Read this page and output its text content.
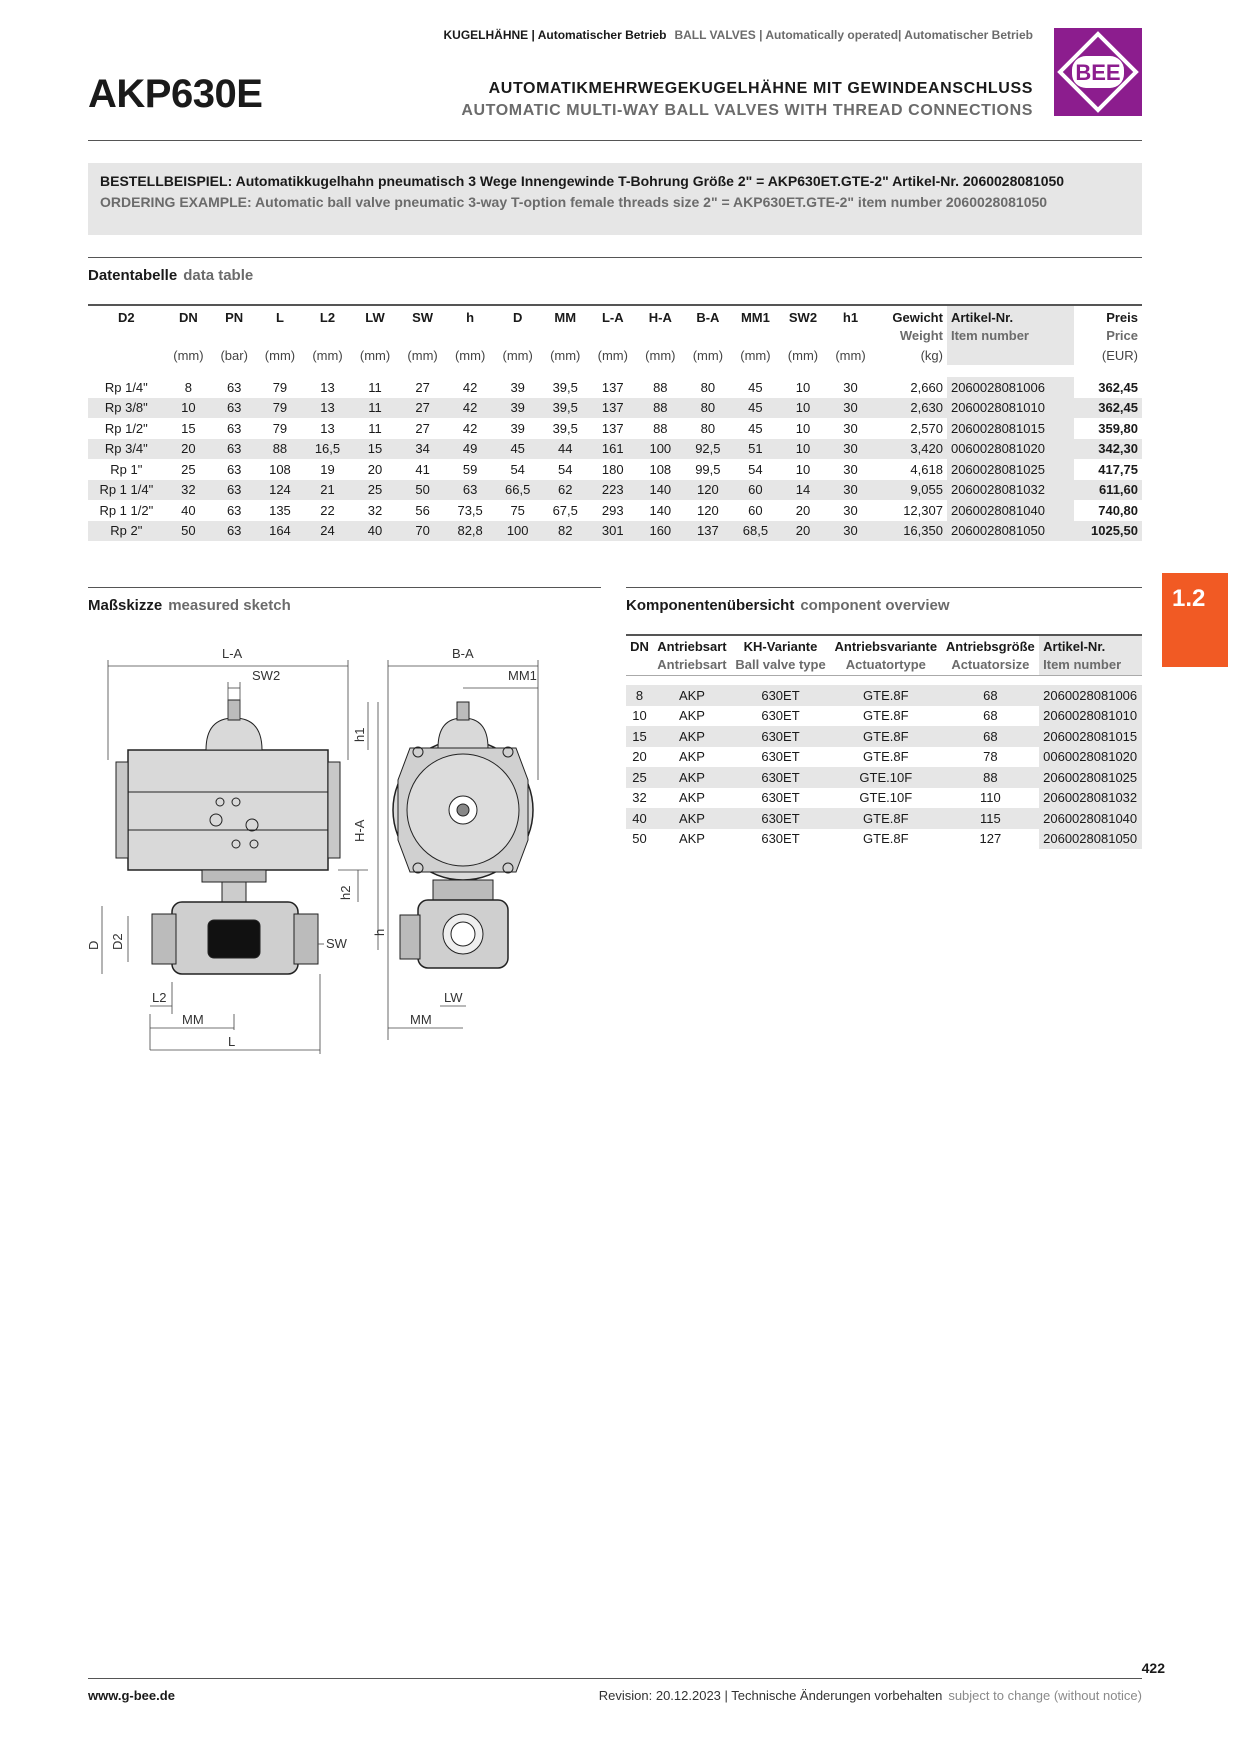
KUGELHÄHNE | Automatischer Betrieb BALL VALVES | Automatically operated| Automatischer Betrieb
AKP630E	AUTOMATIKMEHRWEGEKUGELHÄHNE MIT GEWINDEANSCHLUSS
AUTOMATIC MULTI-WAY BALL VALVES WITH THREAD CONNECTIONS
BEE
BESTELLBEISPIEL: Automatikkugelhahn pneumatisch 3 Wege Innengewinde T-Bohrung Größe 2" = AKP630ET.GTE-2" Artikel-Nr. 2060028081050
ORDERING EXAMPLE: Automatic ball valve pneumatic 3-way T-option female threads size 2" = AKP630ET.GTE-2" item number 2060028081050
Datentabelle data table
D2	DN	PN	L	L2	LW	SW	h	D	MM	L-A	H-A	B-A	MM1	SW2	h1	Gewicht	Artikel-Nr.	Preis
																Weight	Item number	Price
	(mm)	(bar)	(mm)	(mm)	(mm)	(mm)	(mm)	(mm)	(mm)	(mm)	(mm)	(mm)	(mm)	(mm)	(mm)	(kg)		(EUR)

Rp 1/4"	8	63	79	13	11	27	42	39	39,5	137	88	80	45	10	30	2,660	2060028081006	362,45
Rp 3/8"	10	63	79	13	11	27	42	39	39,5	137	88	80	45	10	30	2,630	2060028081010	362,45
Rp 1/2"	15	63	79	13	11	27	42	39	39,5	137	88	80	45	10	30	2,570	2060028081015	359,80
Rp 3/4"	20	63	88	16,5	15	34	49	45	44	161	100	92,5	51	10	30	3,420	0060028081020	342,30
Rp 1"	25	63	108	19	20	41	59	54	54	180	108	99,5	54	10	30	4,618	2060028081025	417,75
Rp 1 1/4"	32	63	124	21	25	50	63	66,5	62	223	140	120	60	14	30	9,055	2060028081032	611,60
Rp 1 1/2"	40	63	135	22	32	56	73,5	75	67,5	293	140	120	60	20	30	12,307	2060028081040	740,80
Rp 2"	50	63	164	24	40	70	82,8	100	82	301	160	137	68,5	20	30	16,350	2060028081050	1025,50
Maßskizze measured sketch
L-A
SW2
h1
H-A
h2
h
D D2	SW
L2
MM
L
B-A
MM1
LW
MM
Komponentenübersicht component overview
DN	Antriebsart	KH-Variante	Antriebsvariante	Antriebsgröße	Artikel-Nr.
	Antriebsart	Ball valve type	Actuatortype	Actuatorsize	Item number

8	AKP	630ET	GTE.8F	68	2060028081006
10	AKP	630ET	GTE.8F	68	2060028081010
15	AKP	630ET	GTE.8F	68	2060028081015
20	AKP	630ET	GTE.8F	78	0060028081020
25	AKP	630ET	GTE.10F	88	2060028081025
32	AKP	630ET	GTE.10F	110	2060028081032
40	AKP	630ET	GTE.8F	115	2060028081040
50	AKP	630ET	GTE.8F	127	2060028081050
1.2
422
www.g-bee.de	Revision: 20.12.2023 | Technische Änderungen vorbehalten subject to change (without notice)
